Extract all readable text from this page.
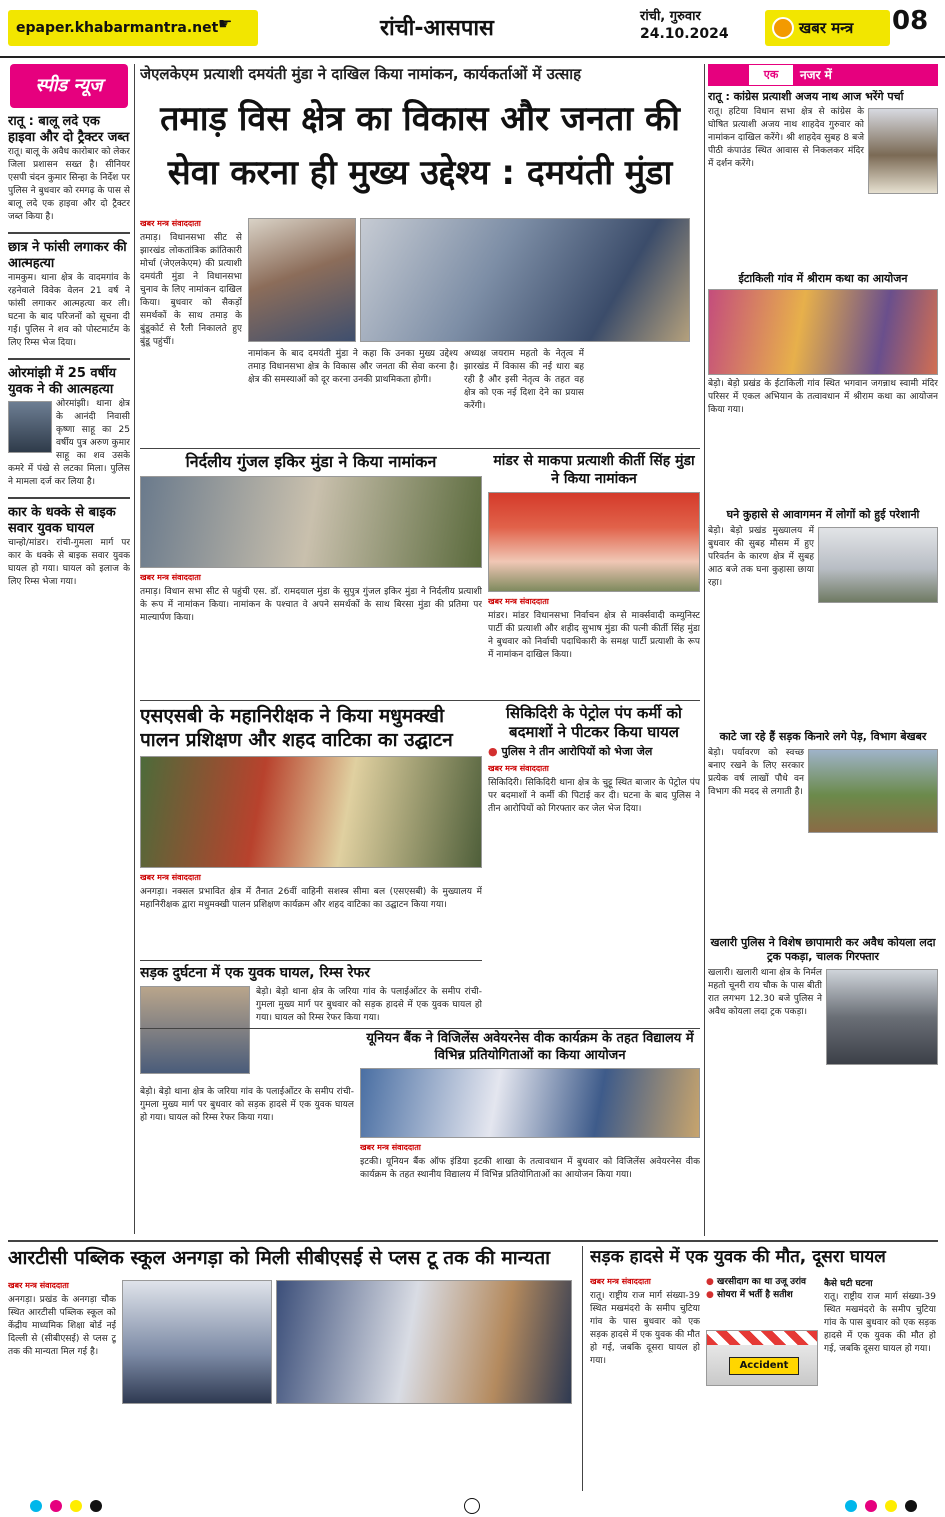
epaper.khabarmantra.net ☛	रांची-आसपास	रांची, गुरुवार
24.10.2024	खबर मन्त्र	08
स्पीड न्यूज
रातू : बालू लदे एक हाइवा और दो ट्रैक्टर जब्त
रातू। बालू के अवैध कारोबार को लेकर जिला प्रशासन सख्त है। सीनियर एसपी चंदन कुमार सिन्हा के निर्देश पर पुलिस ने बुधवार को रमगढ़ के पास से बालू लदे एक हाइवा और दो ट्रैक्टर जब्त किया है।
छात्र ने फांसी लगाकर की आत्महत्या
नामकुम। थाना क्षेत्र के वादमगांव के रहनेवाले विवेक वेलन 21 वर्ष ने फांसी लगाकर आत्महत्या कर ली। घटना के बाद परिजनों को सूचना दी गई। पुलिस ने शव को पोस्टमार्टम के लिए रिम्स भेज दिया।
ओरमांझी में 25 वर्षीय युवक ने की आत्महत्या
ओरमांझी। थाना क्षेत्र के आनंदी निवासी कृष्णा साहू का 25 वर्षीय पुत्र अरुण कुमार साहू का शव उसके कमरे में पंखे से लटका मिला। पुलिस ने मामला दर्ज कर लिया है।
कार के धक्के से बाइक सवार युवक घायल
चान्हो/मांडर। रांची-गुमला मार्ग पर कार के धक्के से बाइक सवार युवक घायल हो गया। घायल को इलाज के लिए रिम्स भेजा गया।
जेएलकेएम प्रत्याशी दमयंती मुंडा ने दाखिल किया नामांकन, कार्यकर्ताओं में उत्साह
तमाड़ विस क्षेत्र का विकास और जनता की सेवा करना ही मुख्य उद्देश्य : दमयंती मुंडा
खबर मन्त्र संवाददाता
तमाड़। विधानसभा सीट से झारखंड लोकतांत्रिक क्रांतिकारी मोर्चा (जेएलकेएम) की प्रत्याशी दमयंती मुंडा ने विधानसभा चुनाव के लिए नामांकन दाखिल किया। बुधवार को सैकड़ों समर्थकों के साथ तमाड़ के बुंडूकोर्ट से रैली निकालते हुए बुंडू पहुंचीं।
नामांकन के बाद दमयंती मुंडा ने कहा कि उनका मुख्य उद्देश्य तमाड़ विधानसभा क्षेत्र के विकास और जनता की सेवा करना है। क्षेत्र की समस्याओं को दूर करना उनकी प्राथमिकता होगी।
अध्यक्ष जयराम महतो के नेतृत्व में झारखंड में विकास की नई धारा बह रही है और इसी नेतृत्व के तहत वह क्षेत्र को एक नई दिशा देने का प्रयास करेंगी।
निर्दलीय गुंजल इकिर मुंडा ने किया नामांकन
खबर मन्त्र संवाददाता
तमाड़। विधान सभा सीट से पहुंची एस. डॉ. रामदयाल मुंडा के सुपुत्र गुंजल इकिर मुंडा ने निर्दलीय प्रत्याशी के रूप में नामांकन किया। नामांकन के पश्चात वे अपने समर्थकों के साथ बिरसा मुंडा की प्रतिमा पर माल्यार्पण किया।
मांडर से माकपा प्रत्याशी कीर्ती सिंह मुंडा ने किया नामांकन
खबर मन्त्र संवाददाता
मांडर। मांडर विधानसभा निर्वाचन क्षेत्र से मार्क्सवादी कम्युनिस्ट पार्टी की प्रत्याशी और शहीद सुभाष मुंडा की पत्नी कीर्ती सिंह मुंडा ने बुधवार को निर्वाची पदाधिकारी के समक्ष पार्टी प्रत्याशी के रूप में नामांकन दाखिल किया।
एसएसबी के महानिरीक्षक ने किया मधुमक्खी पालन प्रशिक्षण और शहद वाटिका का उद्घाटन
खबर मन्त्र संवाददाता
अनगड़ा। नक्सल प्रभावित क्षेत्र में तैनात 26वीं वाहिनी सशस्त्र सीमा बल (एसएसबी) के मुख्यालय में महानिरीक्षक द्वारा मधुमक्खी पालन प्रशिक्षण कार्यक्रम और शहद वाटिका का उद्घाटन किया गया।
सिकिदिरी के पेट्रोल पंप कर्मी को बदमाशों ने पीटकर किया घायल
● पुलिस ने तीन आरोपियों को भेजा जेल
खबर मन्त्र संवाददाता
सिकिदिरी। सिकिदिरी थाना क्षेत्र के चुट्टू स्थित बाजार के पेट्रोल पंप पर बदमाशों ने कर्मी की पिटाई कर दी। घटना के बाद पुलिस ने तीन आरोपियों को गिरफ्तार कर जेल भेज दिया।
सड़क दुर्घटना में एक युवक घायल, रिम्स रेफर
बेड़ो। बेड़ो थाना क्षेत्र के जरिया गांव के पलाईओंटर के समीप रांची-गुमला मुख्य मार्ग पर बुधवार को सड़क हादसे में एक युवक घायल हो गया। घायल को रिम्स रेफर किया गया।
यूनियन बैंक ने विजिलेंस अवेयरनेस वीक कार्यक्रम के तहत विद्यालय में विभिन्न प्रतियोगिताओं का किया आयोजन
खबर मन्त्र संवाददाता
इटकी। यूनियन बैंक ऑफ इंडिया इटकी शाखा के तत्वावधान में बुधवार को विजिलेंस अवेयरनेस वीक कार्यक्रम के तहत स्थानीय विद्यालय में विभिन्न प्रतियोगिताओं का आयोजन किया गया।
बेड़ो। बेड़ो थाना क्षेत्र के जरिया गांव के पलाईओंटर के समीप रांची-गुमला मुख्य मार्ग पर बुधवार को सड़क हादसे में एक युवक घायल हो गया। घायल को रिम्स रेफर किया गया।
आरटीसी पब्लिक स्कूल अनगड़ा को मिली सीबीएसई से प्लस टू तक की मान्यता
खबर मन्त्र संवाददाता
अनगड़ा। प्रखंड के अनगड़ा चौक स्थित आरटीसी पब्लिक स्कूल को केंद्रीय माध्यमिक शिक्षा बोर्ड नई दिल्ली से (सीबीएसई) से प्लस टू तक की मान्यता मिल गई है।
सड़क हादसे में एक युवक की मौत, दूसरा घायल
खबर मन्त्र संवाददाता
रातू। राष्ट्रीय राज मार्ग संख्या-39 स्थित मखमंदरो के समीप चुटिया गांव के पास बुधवार को एक सड़क हादसे में एक युवक की मौत हो गई, जबकि दूसरा घायल हो गया।
● खरसीदाग का था उजू उरांव
● सोयरा में भर्ती है सतीश
Accident
कैसे घटी घटना
रातू। राष्ट्रीय राज मार्ग संख्या-39 स्थित मखमंदरो के समीप चुटिया गांव के पास बुधवार को एक सड़क हादसे में एक युवक की मौत हो गई, जबकि दूसरा घायल हो गया।
एक	नजर में
रातू : कांग्रेस प्रत्याशी अजय नाथ आज भरेंगे पर्चा
रातू। हटिया विधान सभा क्षेत्र से कांग्रेस के घोषित प्रत्याशी अजय नाथ शाहदेव गुरुवार को नामांकन दाखिल करेंगे। श्री शाहदेव सुबह 8 बजे पीठी कंपाउंड स्थित आवास से निकलकर मंदिर में दर्शन करेंगे।
ईटाकिली गांव में श्रीराम कथा का आयोजन
बेड़ो। बेड़ो प्रखंड के ईटाकिली गांव स्थित भगवान जगन्नाथ स्वामी मंदिर परिसर में एकल अभियान के तत्वावधान में श्रीराम कथा का आयोजन किया गया।
घने कुहासे से आवागमन में लोगों को हुई परेशानी
बेड़ो। बेड़ो प्रखंड मुख्यालय में बुधवार की सुबह मौसम में हुए परिवर्तन के कारण क्षेत्र में सुबह आठ बजे तक घना कुहासा छाया रहा।
काटे जा रहे हैं सड़क किनारे लगे पेड़, विभाग बेखबर
बेड़ो। पर्यावरण को स्वच्छ बनाए रखने के लिए सरकार प्रत्येक वर्ष लाखों पौधे वन विभाग की मदद से लगाती है।
खलारी पुलिस ने विशेष छापामारी कर अवैध कोयला लदा ट्रक पकड़ा, चालक गिरफ्तार
खलारी। खलारी थाना क्षेत्र के निर्मल महतो चूनरी राय चौक के पास बीती रात लगभग 12.30 बजे पुलिस ने अवैध कोयला लदा ट्रक पकड़ा।
